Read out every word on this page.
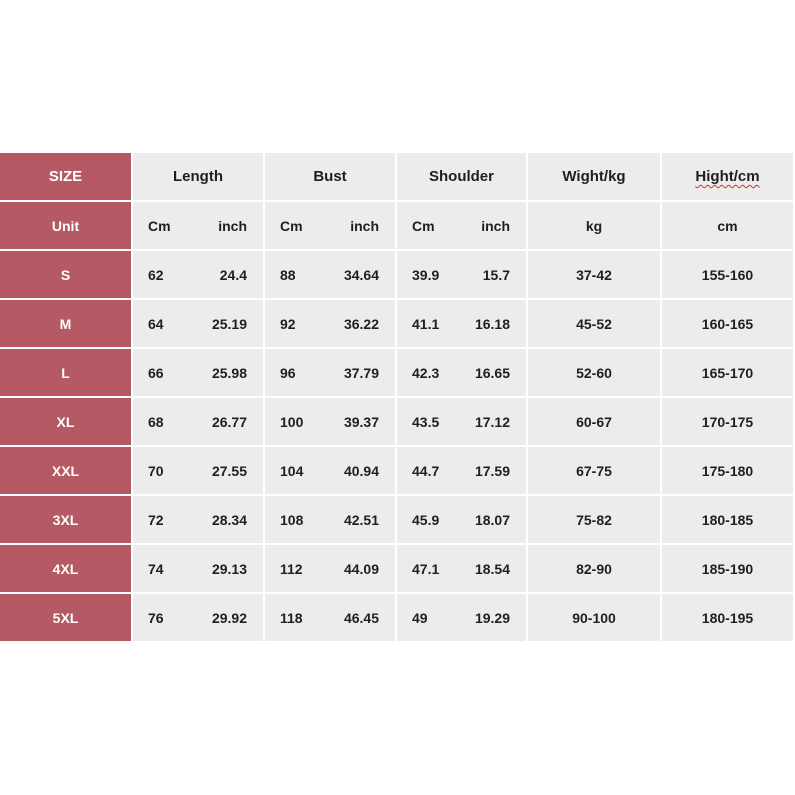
SIZE	Length	Bust	Shoulder	Wight/kg	Hight/cm
Unit	Cm	inch Cm	inch Cm	inch	kg	cm
S	62	24.4 88	34.64 39.9	15.7	37-42	155-160
M	64	25.19 92	36.22 41.1	16.18	45-52	160-165
L	66	25.98 96	37.79 42.3	16.65	52-60	165-170
XL	68	26.77 100	39.37 43.5	17.12	60-67	170-175
XXL	70	27.55 104	40.94 44.7	17.59	67-75	175-180
3XL	72	28.34 108	42.51 45.9	18.07	75-82	180-185
4XL	74	29.13 112	44.09 47.1	18.54	82-90	185-190
5XL	76	29.92 118	46.45 49	19.29	90-100	180-195
